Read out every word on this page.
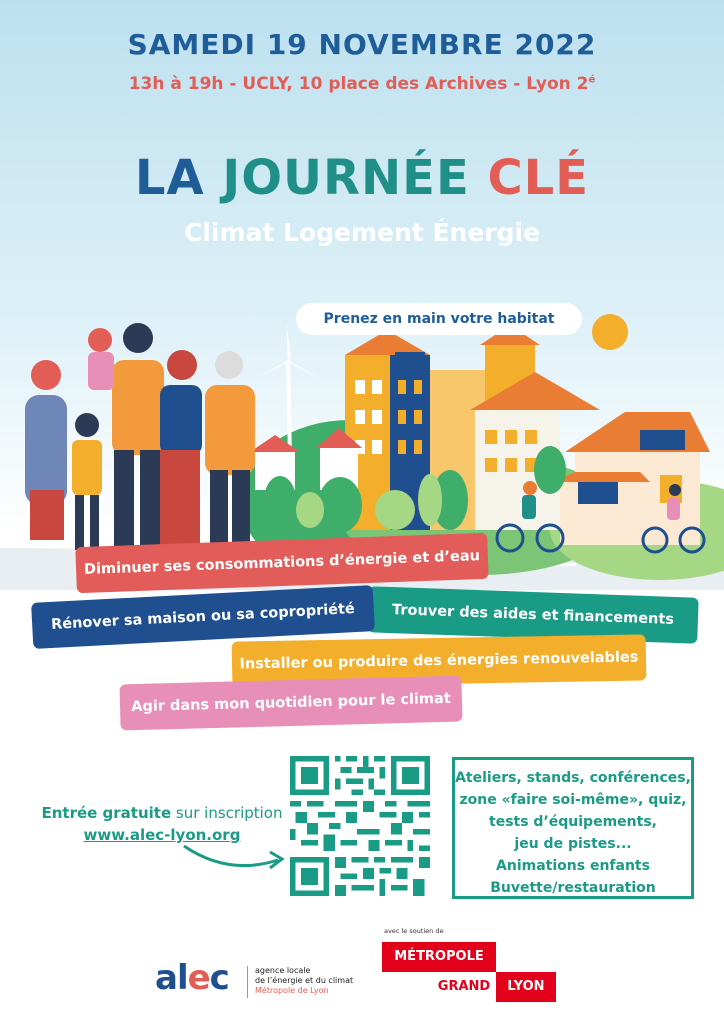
SAMEDI 19 NOVEMBRE 2022
13h à 19h - UCLY, 10 place des Archives - Lyon $2^é$
LA JOURNÉE CLÉ
Climat Logement Énergie
Prenez en main votre habitat
Diminuer ses consommations d’énergie et d’eau
Trouver des aides et financements
Rénover sa maison ou sa copropriété
Installer ou produire des énergies renouvelables
Agir dans mon quotidien pour le climat
Entrée gratuite sur inscription
www.alec-lyon.org
Ateliers, stands, conférences,
zone «faire soi-même», quiz,
tests d’équipements,
jeu de pistes...
Animations enfants
Buvette/restauration
alec	agence locale
de l’énergie et du climat
Métropole de Lyon
avec le soutien de
MÉTROPOLE
GRAND	LYON
